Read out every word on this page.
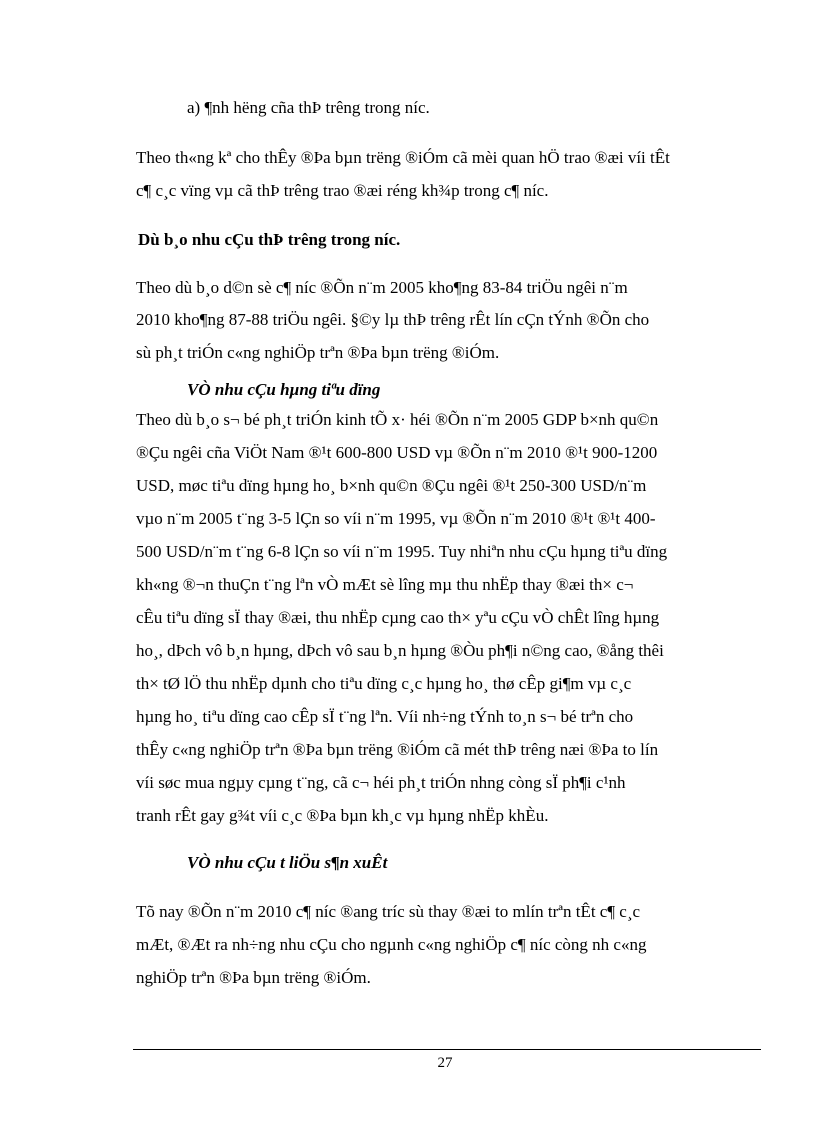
a) ¶nh hëng cña thÞ trêng trong níc.
Theo th«ng kª cho thÊy ®Þa bµn trëng ®iÓm cã mèi quan hÖ trao ®æi víi tÊt
c¶ c¸c vïng vµ cã thÞ trêng trao ®æi réng kh¾p trong c¶ níc.
Dù b¸o nhu cÇu thÞ trêng trong níc.
Theo dù b¸o d©n sè c¶ níc ®Õn n¨m 2005 kho¶ng 83-84 triÖu ngêi n¨m
2010 kho¶ng 87-88 triÖu ngêi. §©y lµ thÞ trêng rÊt lín cÇn tÝnh ®Õn cho
sù ph¸t triÓn c«ng nghiÖp trªn ®Þa bµn trëng ®iÓm.
VÒ nhu cÇu hµng tiªu dïng
Theo dù b¸o s¬ bé ph¸t triÓn kinh tÕ x· héi ®Õn n¨m 2005 GDP b×nh qu©n
®Çu ngêi cña ViÖt Nam ®¹t 600-800 USD vµ ®Õn n¨m 2010 ®¹t 900-1200
USD, møc tiªu dïng hµng ho¸ b×nh qu©n ®Çu ngêi ®¹t 250-300 USD/n¨m
vµo n¨m 2005 t¨ng 3-5 lÇn so víi n¨m 1995, vµ ®Õn n¨m 2010 ®¹t ®¹t 400-
500 USD/n¨m t¨ng 6-8 lÇn so víi n¨m 1995. Tuy nhiªn nhu cÇu hµng tiªu dïng
kh«ng ®¬n thuÇn t¨ng lªn vÒ mÆt sè lîng mµ thu nhËp thay ®æi th× c¬
cÊu tiªu dïng sÏ thay ®æi, thu nhËp cµng cao th× yªu cÇu vÒ chÊt lîng hµng
ho¸, dÞch vô b¸n hµng, dÞch vô sau b¸n hµng ®Òu ph¶i n©ng cao, ®ång thêi
th× tØ lÖ thu nhËp dµnh cho tiªu dïng c¸c hµng ho¸ thø cÊp gi¶m vµ c¸c
hµng ho¸ tiªu dïng cao cÊp sÏ t¨ng lªn. Víi nh÷ng tÝnh to¸n s¬ bé trªn cho
thÊy c«ng nghiÖp trªn ®Þa bµn trëng ®iÓm cã mét thÞ trêng næi ®Þa to lín
víi søc mua ngµy cµng t¨ng, cã c¬ héi ph¸t triÓn nhng còng sÏ ph¶i c¹nh
tranh rÊt gay g¾t víi c¸c ®Þa bµn kh¸c vµ hµng nhËp khÈu.
VÒ nhu cÇu t liÖu s¶n xuÊt
Tõ nay ®Õn n¨m 2010 c¶ níc ®ang tríc sù thay ®æi to mlín trªn tÊt c¶ c¸c
mÆt, ®Æt ra nh÷ng nhu cÇu cho ngµnh c«ng nghiÖp c¶ níc còng nh c«ng
nghiÖp trªn ®Þa bµn trëng ®iÓm.
27
